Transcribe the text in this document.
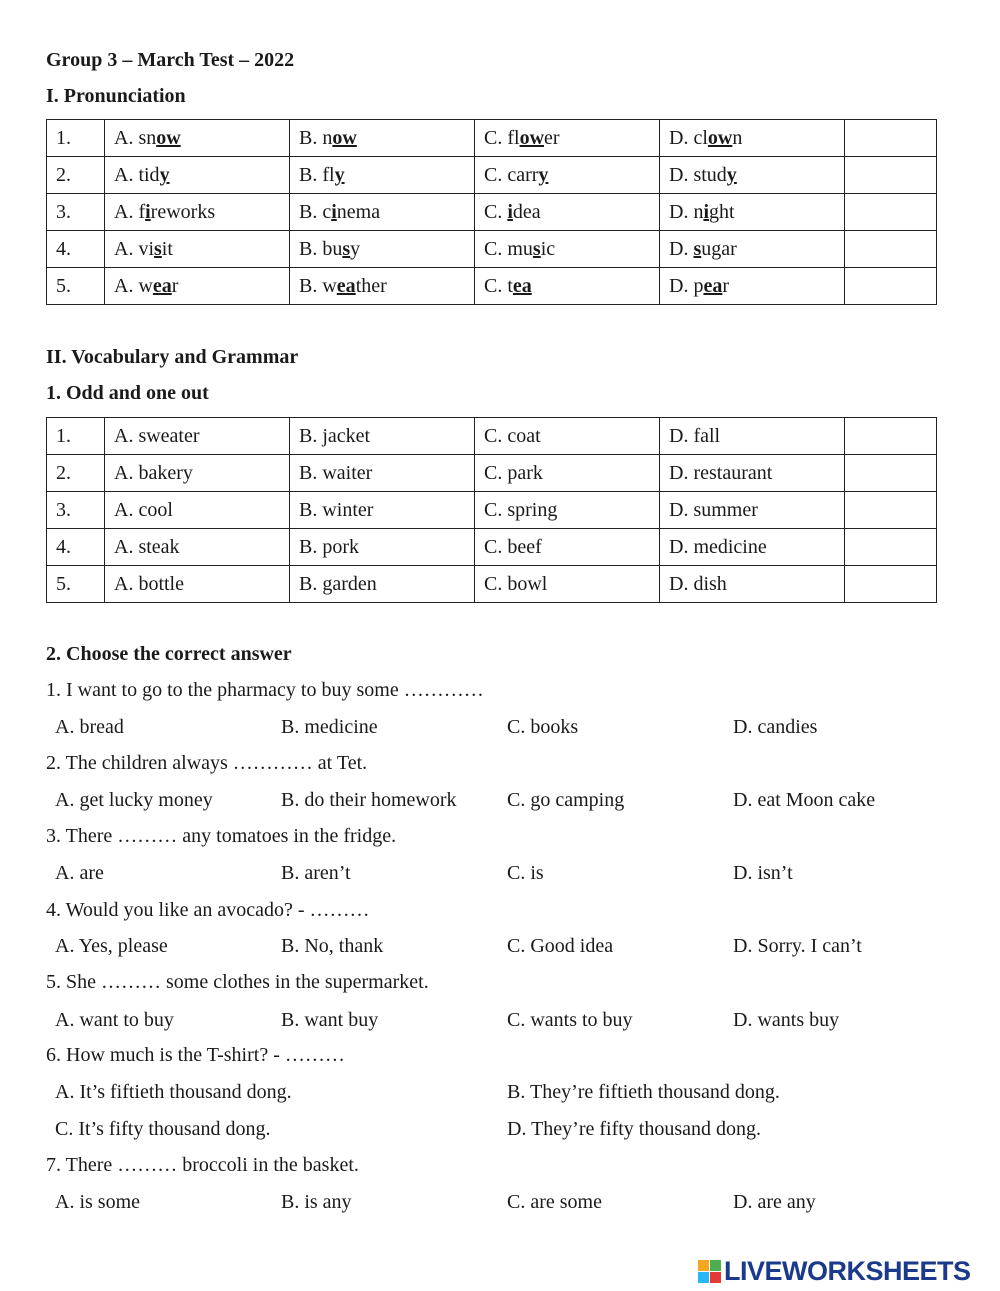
Group 3 – March Test – 2022
I. Pronunciation
1.	A. snow	B. now	C. flower	D. clown	
2.	A. tidy	B. fly	C. carry	D. study	
3.	A. fireworks	B. cinema	C. idea	D. night	
4.	A. visit	B. busy	C. music	D. sugar	
5.	A. wear	B. weather	C. tea	D. pear	
II. Vocabulary and Grammar
1. Odd and one out
1.	A. sweater	B. jacket	C. coat	D. fall	
2.	A. bakery	B. waiter	C. park	D. restaurant	
3.	A. cool	B. winter	C. spring	D. summer	
4.	A. steak	B. pork	C. beef	D. medicine	
5.	A. bottle	B. garden	C. bowl	D. dish	
2. Choose the correct answer
1. I want to go to the pharmacy to buy some …………
A. bread	B. medicine	C. books	D. candies
2. The children always ………… at Tet.
A. get lucky money	B. do their homework	C. go camping	D. eat Moon cake
3. There ……… any tomatoes in the fridge.
A. are	B. aren’t	C. is	D. isn’t
4. Would you like an avocado? - ………
A. Yes, please	B. No, thank	C. Good idea	D. Sorry. I can’t
5. She ……… some clothes in the supermarket.
A. want to buy	B. want buy	C. wants to buy	D. wants buy
6. How much is the T-shirt? - ………
A. It’s fiftieth thousand dong.	B. They’re fiftieth thousand dong.
C. It’s fifty thousand dong.	D. They’re fifty thousand dong.
7. There ……… broccoli in the basket.
A. is some	B. is any	C. are some	D. are any
LIVEWORKSHEETS
